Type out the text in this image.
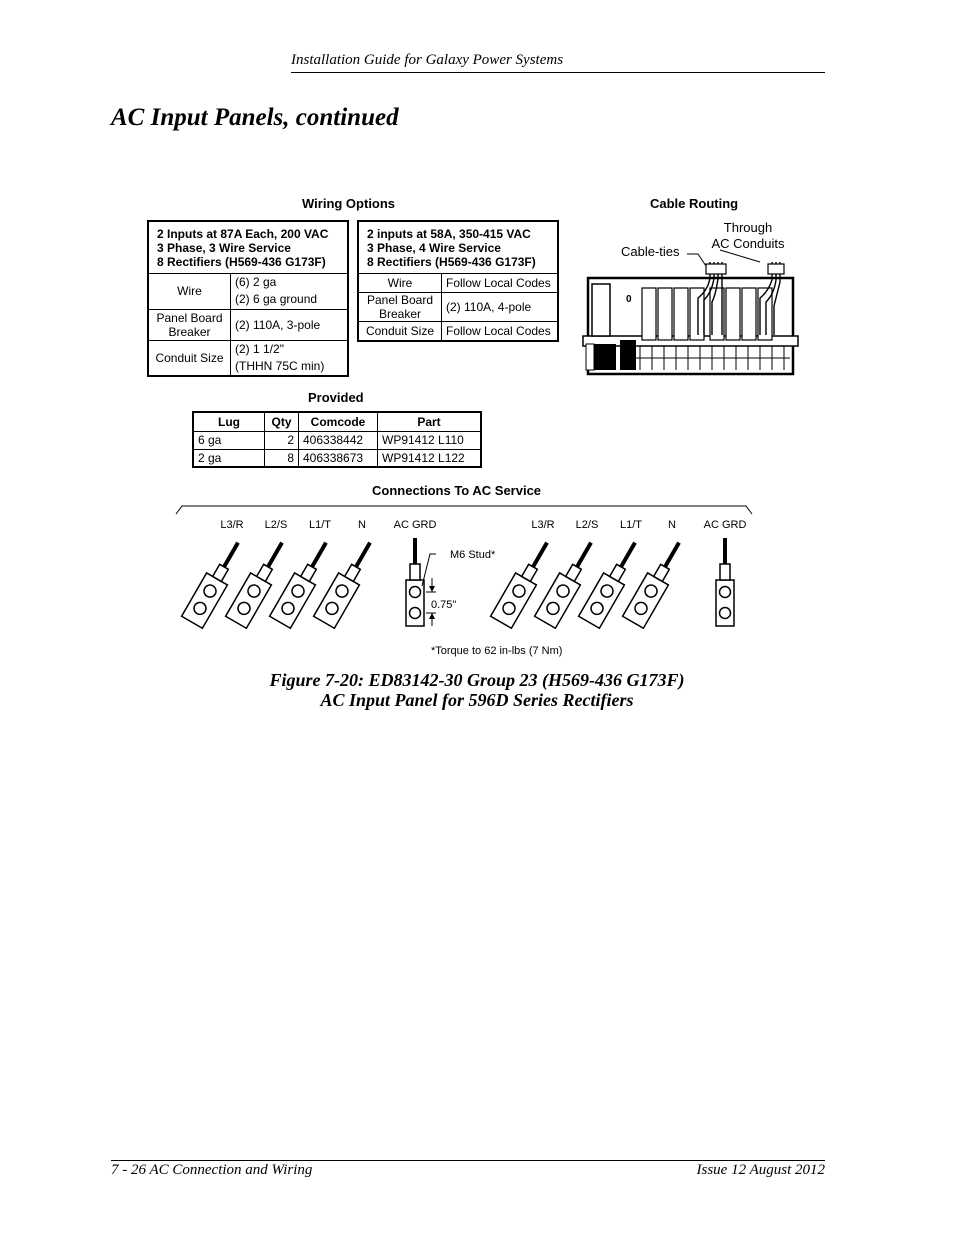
Installation Guide for Galaxy Power Systems
AC Input Panels, continued
Wiring Options
2 Inputs at 87A Each, 200 VAC
3 Phase, 3 Wire Service
8 Rectifiers (H569-436 G173F)	

Wire	(6) 2 ga
(2) 6 ga ground

Panel Board
Breaker	(2) 110A, 3-pole
Conduit Size	(2) 1 1/2"
(THHN 75C min)
2 inputs at 58A, 350-415 VAC
3 Phase, 4 Wire Service
8 Rectifiers (H569-436 G173F)	

Wire	Follow Local Codes

Panel Board
Breaker	(2) 110A, 4-pole
Conduit Size	Follow Local Codes
Cable Routing
Through
AC Conduits
Cable-ties
0
Provided
Lug	Qty	Comcode	Part
6 ga	2	406338442	WP91412 L110
2 ga	8	406338673	WP91412 L122
Connections To AC Service
L3/R L2/S L1/T N	AC GRD	L3/R L2/S L1/T N	AC GRD
M6 Stud*
0.75"
*Torque to 62 in-lbs (7 Nm)
Figure 7-20: ED83142-30 Group 23 (H569-436 G173F)
AC Input Panel for 596D Series Rectifiers
7 - 26 AC Connection and Wiring	Issue 12 August 2012
